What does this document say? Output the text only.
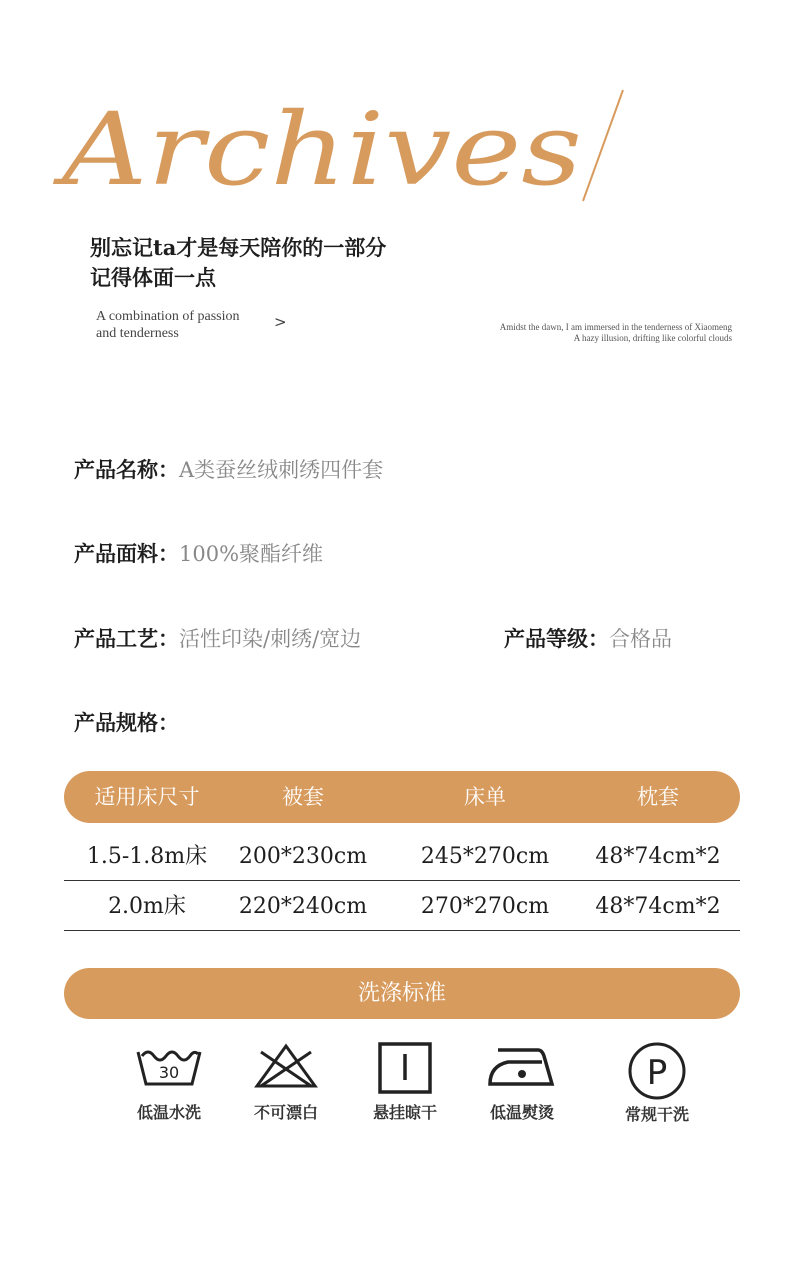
Archives
别忘记ta才是每天陪你的一部分
记得体面一点
A combination of passion
and tenderness
>	Amidst the dawn, I am immersed in the tenderness of Xiaomeng
A hazy illusion, drifting like colorful clouds
产品名称：A类蚕丝绒刺绣四件套
产品面料：100%聚酯纤维
产品工艺：活性印染/刺绣/宽边	产品等级：合格品
产品规格：
适用床尺寸	被套	床单	枕套
1.5-1.8m床	200*230cm	245*270cm	48*74cm*2
2.0m床	220*240cm	270*270cm	48*74cm*2
洗涤标准
30
低温水洗	不可漂白	悬挂晾干	低温熨烫
P
常规干洗
